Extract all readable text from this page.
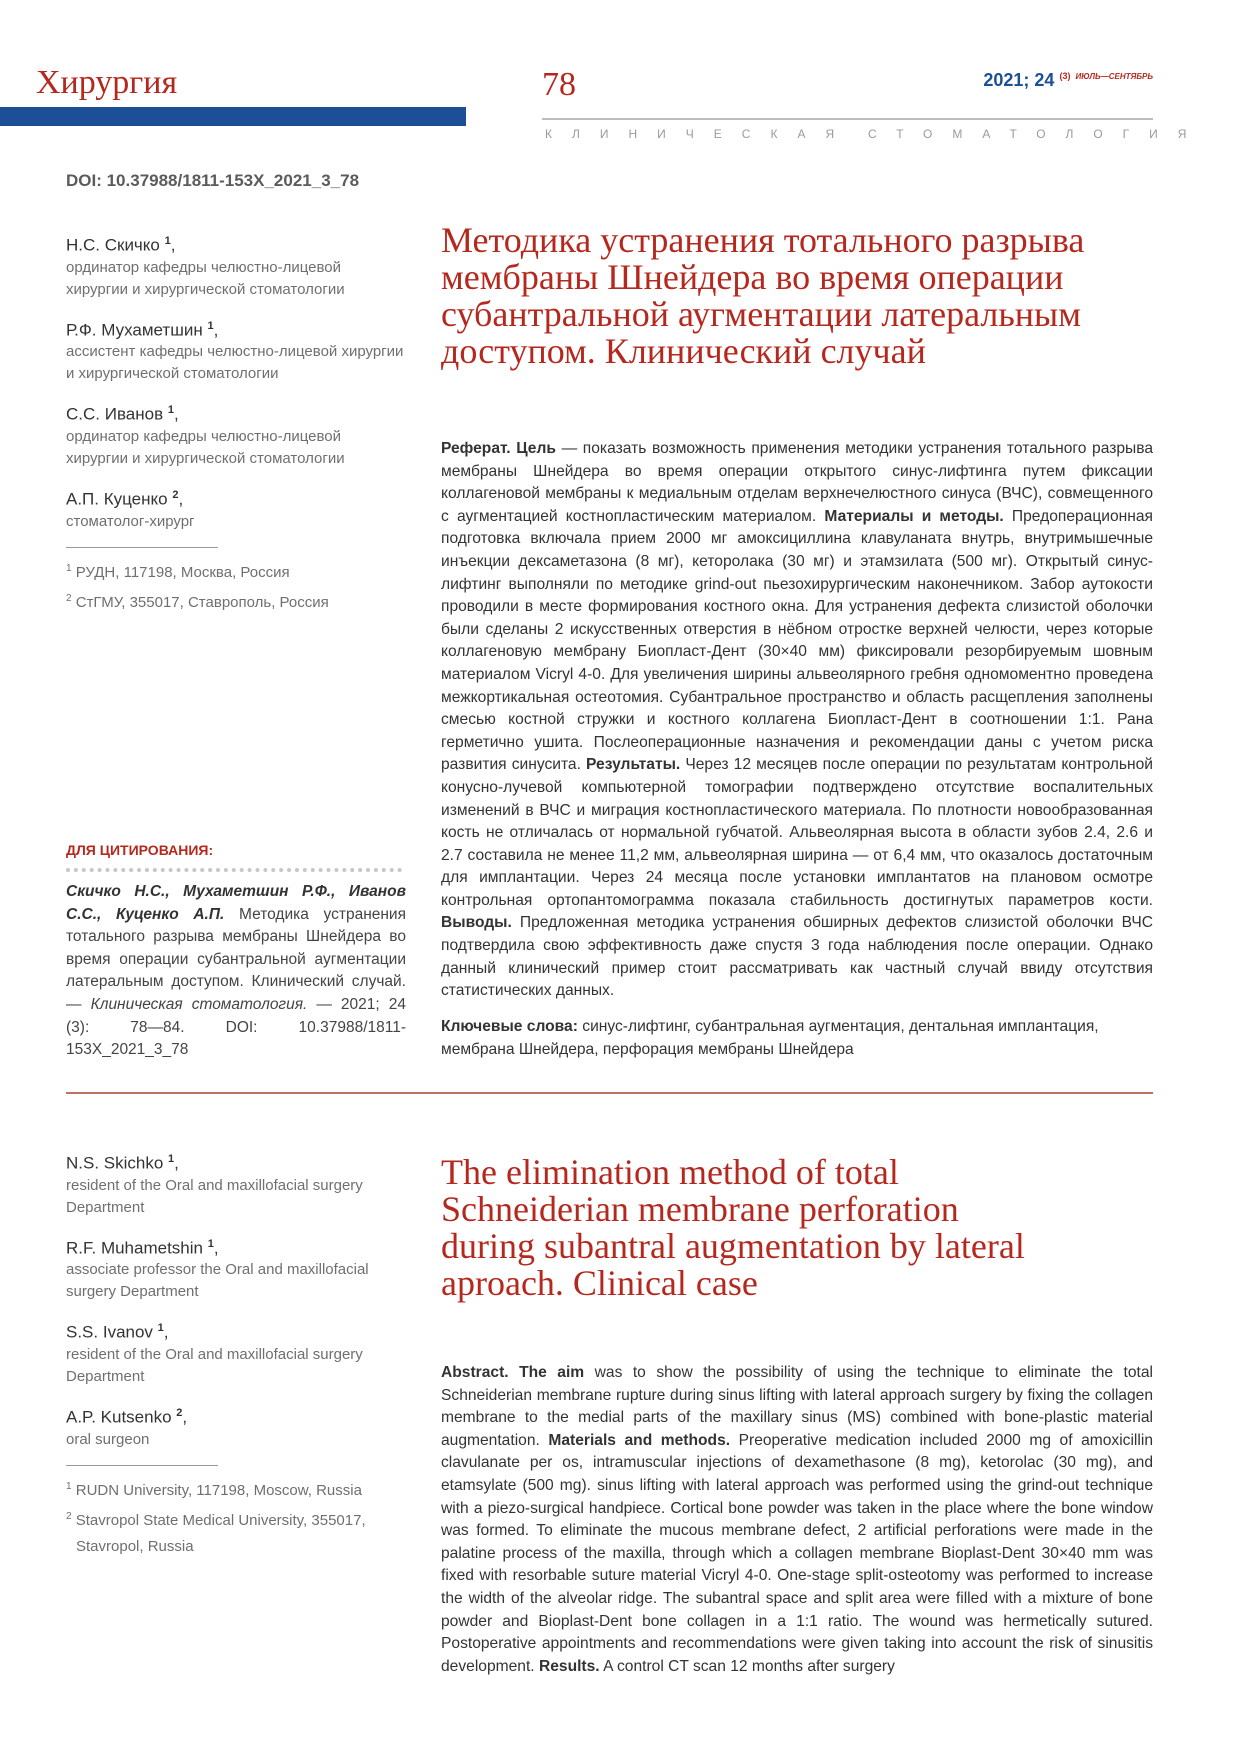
Хирургия	78	2021; 24 $^{(3)}$ $^{ИЮЛЬ—СЕНТЯБРЬ}$
КЛИНИЧЕСКАЯ СТОМАТОЛОГИЯ
DOI: 10.37988/1811-153X_2021_3_78
Н.С. Скичко $^1$,
ординатор кафедры челюстно-лицевой хирургии и хирургической стоматологии
Р.Ф. Мухаметшин $^1$,
ассистент кафедры челюстно-лицевой хирургии и хирургической стоматологии
С.С. Иванов $^1$,
ординатор кафедры челюстно-лицевой хирургии и хирургической стоматологии
А.П. Куценко $^2$,
стоматолог-хирург
$^1$ РУДН, 117198, Москва, Россия
$^2$ СтГМУ, 355017, Ставрополь, Россия
ДЛЯ ЦИТИРОВАНИЯ:
Скичко Н.С., Мухаметшин Р.Ф., Иванов С.С., Куценко А.П. Методика устранения тотального разрыва мембраны Шнейдера во время операции субантральной аугментации латеральным доступом. Клинический случай. — Клиническая стоматология. — 2021; 24 (3): 78—84. DOI: 10.37988/1811-153X_2021_3_78
Методика устранения тотального разрыва мембраны Шнейдера во время операции субантральной аугментации латеральным доступом. Клинический случай
Реферат. Цель — показать возможность применения методики устранения тотального разрыва мембраны Шнейдера во время операции открытого синус-лифтинга путем фиксации коллагеновой мембраны к медиальным отделам верхнечелюстного синуса (ВЧС), совмещенного с аугментацией костнопластическим материалом. Материалы и методы. Предоперационная подготовка включала прием 2000 мг амоксициллина клавуланата внутрь, внутримышечные инъекции дексаметазона (8 мг), кеторолака (30 мг) и этамзилата (500 мг). Открытый синус-лифтинг выполняли по методике grind-out пьезохирургическим наконечником. Забор аутокости проводили в месте формирования костного окна. Для устранения дефекта слизистой оболочки были сделаны 2 искусственных отверстия в нёбном отростке верхней челюсти, через которые коллагеновую мембрану Биопласт-Дент (30×40 мм) фиксировали резорбируемым шовным материалом Vicryl 4-0. Для увеличения ширины альвеолярного гребня одномоментно проведена межкортикальная остеотомия. Субантральное пространство и область расщепления заполнены смесью костной стружки и костного коллагена Биопласт-Дент в соотношении 1:1. Рана герметично ушита. Послеоперационные назначения и рекомендации даны с учетом риска развития синусита. Результаты. Через 12 месяцев после операции по результатам контрольной конусно-лучевой компьютерной томографии подтверждено отсутствие воспалительных изменений в ВЧС и миграция костнопластического материала. По плотности новообразованная кость не отличалась от нормальной губчатой. Альвеолярная высота в области зубов 2.4, 2.6 и 2.7 составила не менее 11,2 мм, альвеолярная ширина — от 6,4 мм, что оказалось достаточным для имплантации. Через 24 месяца после установки имплантатов на плановом осмотре контрольная ортопантомограмма показала стабильность достигнутых параметров кости. Выводы. Предложенная методика устранения обширных дефектов слизистой оболочки ВЧС подтвердила свою эффективность даже спустя 3 года наблюдения после операции. Однако данный клинический пример стоит рассматривать как частный случай ввиду отсутствия статистических данных.
Ключевые слова: синус-лифтинг, субантральная аугментация, дентальная имплантация, мембрана Шнейдера, перфорация мембраны Шнейдера
N.S. Skichko $^1$,
resident of the Oral and maxillofacial surgery Department
R.F. Muhametshin $^1$,
associate professor the Oral and maxillofacial surgery Department
S.S. Ivanov $^1$,
resident of the Oral and maxillofacial surgery Department
A.P. Kutsenko $^2$,
oral surgeon
$^1$ RUDN University, 117198, Moscow, Russia
$^2$ Stavropol State Medical University, 355017, Stavropol, Russia
The elimination method of total Schneiderian membrane perforation during subantral augmentation by lateral aproach. Clinical case
Abstract. The aim was to show the possibility of using the technique to eliminate the total Schneiderian membrane rupture during sinus lifting with lateral approach surgery by fixing the collagen membrane to the medial parts of the maxillary sinus (MS) combined with bone-plastic material augmentation. Materials and methods. Preoperative medication included 2000 mg of amoxicillin clavulanate per os, intramuscular injections of dexamethasone (8 mg), ketorolac (30 mg), and etamsylate (500 mg). sinus lifting with lateral approach was performed using the grind-out technique with a piezo-surgical handpiece. Cortical bone powder was taken in the place where the bone window was formed. To eliminate the mucous membrane defect, 2 artificial perforations were made in the palatine process of the maxilla, through which a collagen membrane Bioplast-Dent 30×40 mm was fixed with resorbable suture material Vicryl 4-0. One-stage split-osteotomy was performed to increase the width of the alveolar ridge. The subantral space and split area were filled with a mixture of bone powder and Bioplast-Dent bone collagen in a 1:1 ratio. The wound was hermetically sutured. Postoperative appointments and recommendations were given taking into account the risk of sinusitis development. Results. A control CT scan 12 months after surgery
